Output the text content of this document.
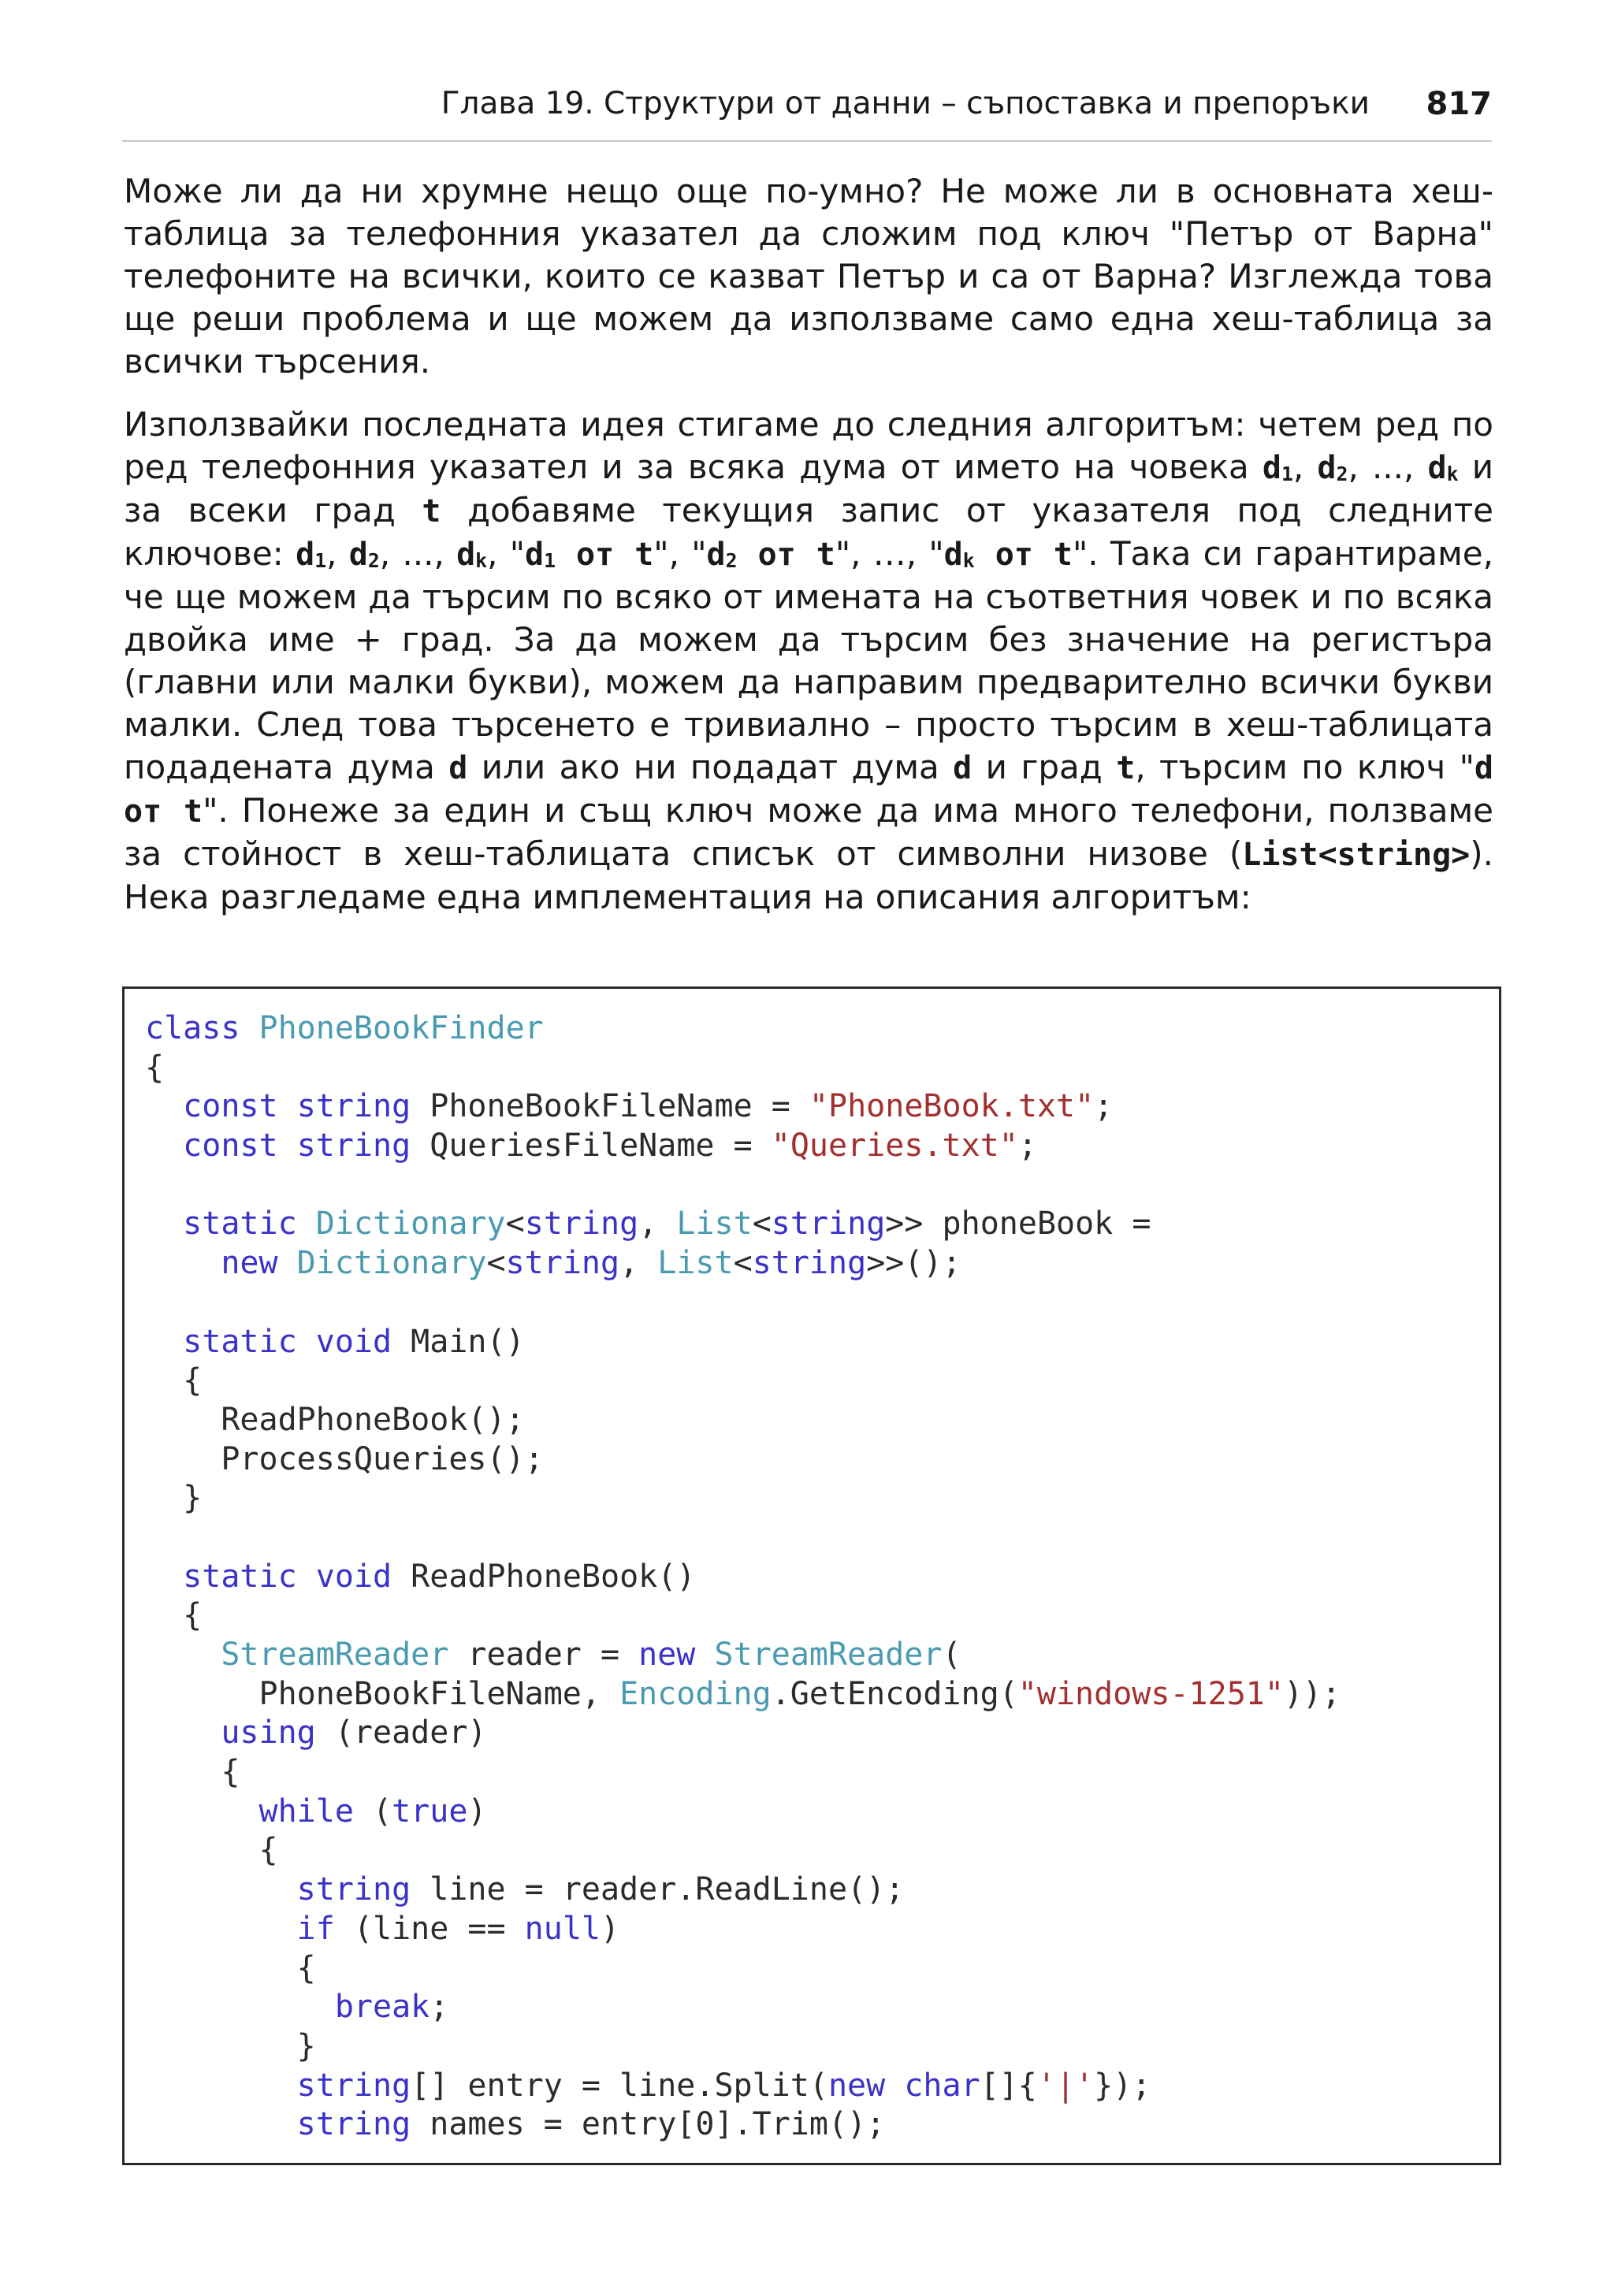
Глава 19. Структури от данни – съпоставка и препоръки 817

Може ли да ни хрумне нещо още по-умно? Не може ли в основната хеш-таблица за телефонния указател да сложим под ключ "Петър от Варна" телефоните на всички, които се казват Петър и са от Варна? Изглежда това ще реши проблема и ще можем да използваме само една хеш-таблица за всички търсения.

Използвайки последната идея стигаме до следния алгоритъм: четем ред по ред телефонния указател и за всяка дума от името на човека $d_1$, $d_2$, ..., $d_k$ и за всеки град t добавяме текущия запис от указателя под следните ключове: $d_1$, $d_2$, ..., $d_k$, "$d_1$ от t", "$d_2$ от t", …, "$d_k$ от t". Така си гарантираме, че ще можем да търсим по всяко от имената на съответния човек и по всяка двойка име + град. За да можем да търсим без значение на регистъра (главни или малки букви), можем да направим предварително всички букви малки. След това търсенето е тривиално – просто търсим в хеш-таблицата подадената дума d или ако ни подадат дума d и град t, търсим по ключ "d от t". Понеже за един и същ ключ може да има много телефони, ползваме за стойност в хеш-таблицата списък от символни низове (List<string>). Нека разгледаме една имплементация на описания алгоритъм:

class PhoneBookFinder
{
const string PhoneBookFileName = "PhoneBook.txt";
const string QueriesFileName = "Queries.txt";

static Dictionary<string, List<string>> phoneBook =
new Dictionary<string, List<string>>();

static void Main()
{
ReadPhoneBook();
ProcessQueries();
}

static void ReadPhoneBook()
{
StreamReader reader = new StreamReader(
PhoneBookFileName, Encoding.GetEncoding("windows-1251"));
using (reader)
{
while (true)
{
string line = reader.ReadLine();
if (line == null)
{
break;
}
string[] entry = line.Split(new char[]{'|'});
string names = entry[0].Trim();
